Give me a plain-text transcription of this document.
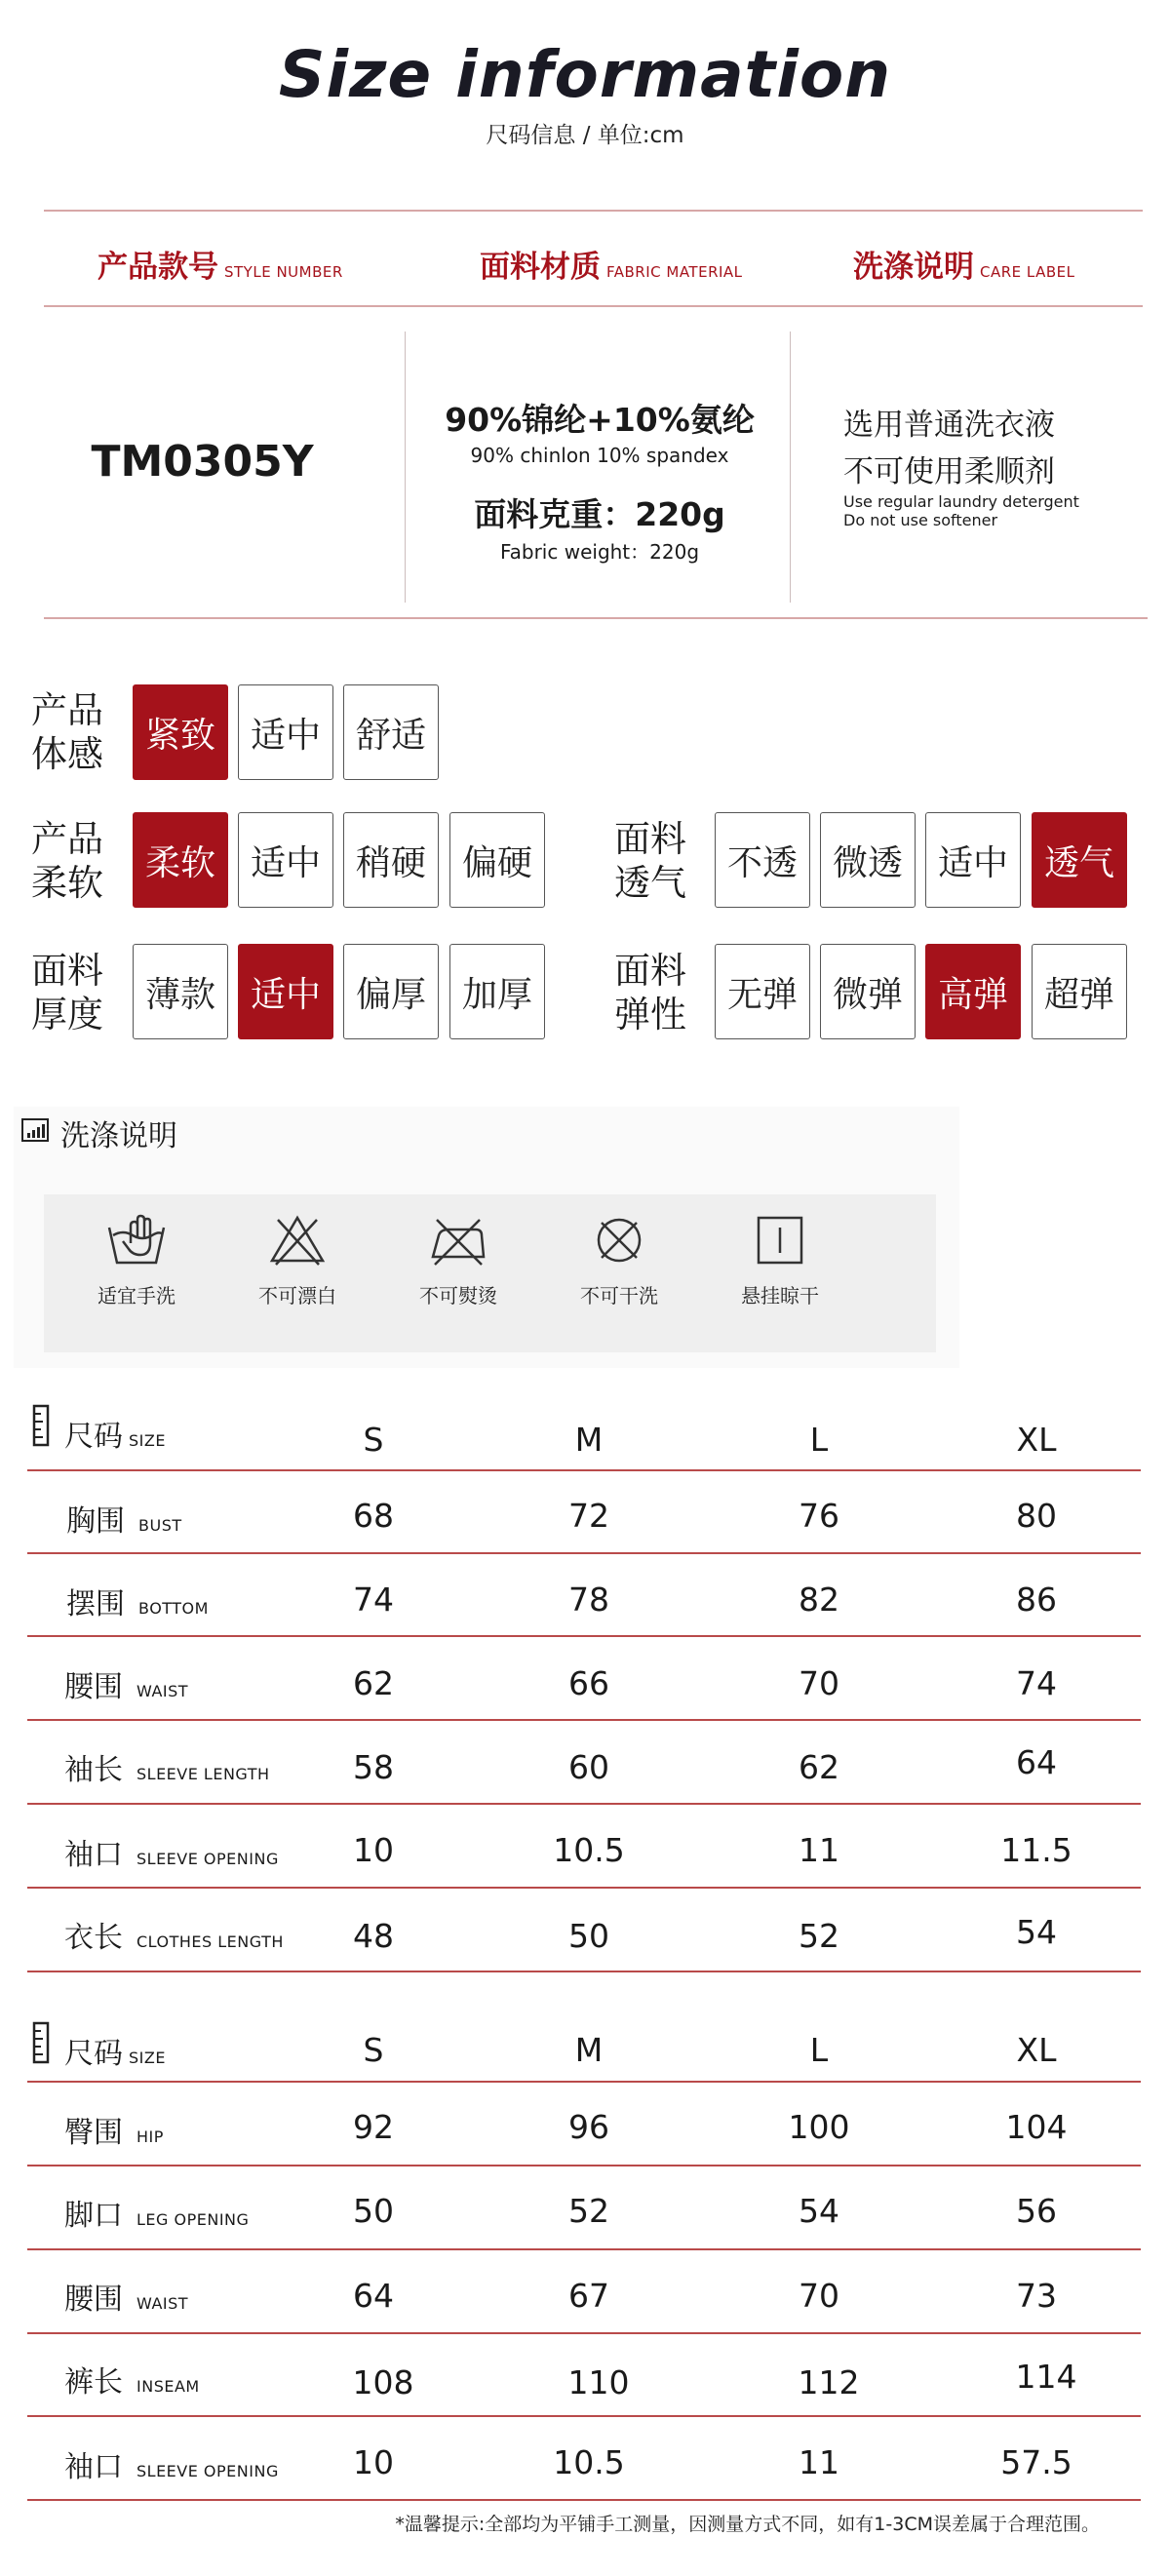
Size information
尺码信息 / 单位:cm
产品款号 STYLE NUMBER	面料材质 FABRIC MATERIAL	洗涤说明 CARE LABEL
TM0305Y
90%锦纶+10%氨纶
90% chinlon 10% spandex
面料克重：220g
Fabric weight：220g
选用普通洗衣液
不可使用柔顺剂
Use regular laundry detergent
Do not use softener
产品
体感	紧致 适中 舒适
产品
柔软	柔软 适中 稍硬	偏硬
面料
透气	不透 微透 适中	透气
面料
厚度	薄款 适中 偏厚	加厚
面料
弹性	无弹 微弹 高弹	超弹
洗涤说明
适宜手洗	不可漂白	不可熨烫	不可干洗	悬挂晾干
尺码 SIZE	S	M	L	XL
胸围 BUST	68	72	76	80
摆围 BOTTOM	74	78	82	86
腰围 WAIST	62	66	70	74
袖长 SLEEVE LENGTH	58	60	62	64
袖口 SLEEVE OPENING	10	10.5	11	11.5
衣长 CLOTHES LENGTH	48	50	52	54
尺码 SIZE	S	M	L	XL
臀围 HIP	92	96	100	104
脚口 LEG OPENING	50	52	54	56
腰围 WAIST	64	67	70	73
裤长 INSEAM	108	110	112	114
袖口 SLEEVE OPENING	10	10.5	11	57.5
*温馨提示:全部均为平铺手工测量，因测量方式不同，如有1-3CM误差属于合理范围。
